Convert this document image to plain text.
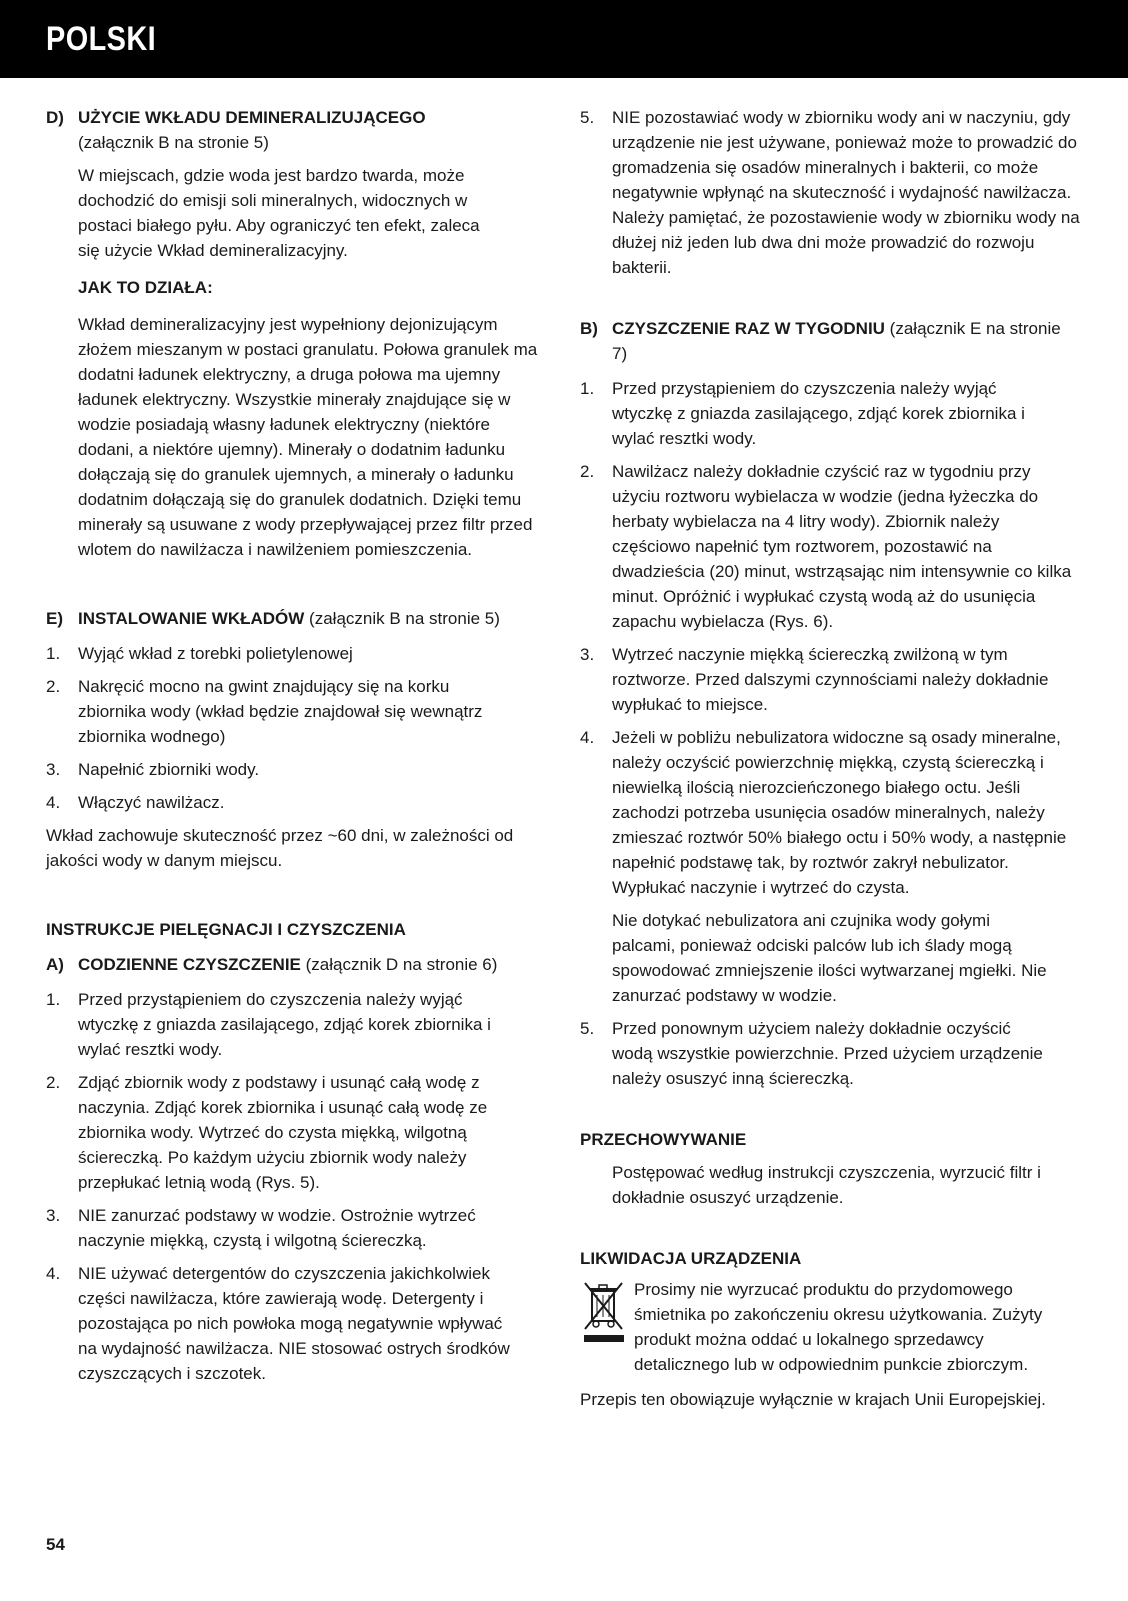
POLSKI
D) UŻYCIE WKŁADU DEMINERALIZUJĄCEGO

(załącznik B na stronie 5)

W miejscach, gdzie woda jest bardzo twarda, może dochodzić do emisji soli mineralnych, widocznych w postaci białego pyłu. Aby ograniczyć ten efekt, zaleca się użycie Wkład demineralizacyjny.

JAK TO DZIAŁA:

Wkład demineralizacyjny jest wypełniony dejonizującym złożem mieszanym w postaci granulatu. Połowa granulek ma dodatni ładunek elektryczny, a druga połowa ma ujemny ładunek elektryczny. Wszystkie minerały znajdujące się w wodzie posiadają własny ładunek elektryczny (niektóre dodani, a niektóre ujemny). Minerały o dodatnim ładunku dołączają się do granulek ujemnych, a minerały o ładunku dodatnim dołączają się do granulek dodatnich. Dzięki temu minerały są usuwane z wody przepływającej przez filtr przed wlotem do nawilżacza i nawilżeniem pomieszczenia.

E) INSTALOWANIE WKŁADÓW (załącznik B na stronie 5)
1.	Wyjąć wkład z torebki polietylenowej
2.	Nakręcić mocno na gwint znajdujący się na korku zbiornika wody (wkład będzie znajdował się wewnątrz zbiornika wodnego)
3.	Napełnić zbiorniki wody.
4.	Włączyć nawilżacz.

Wkład zachowuje skuteczność przez ~60 dni, w zależności od jakości wody w danym miejscu.

INSTRUKCJE PIELĘGNACJI I CZYSZCZENIA

A) CODZIENNE CZYSZCZENIE (załącznik D na stronie 6)
1.	Przed przystąpieniem do czyszczenia należy wyjąć wtyczkę z gniazda zasilającego, zdjąć korek zbiornika i wylać resztki wody.
2.	Zdjąć zbiornik wody z podstawy i usunąć całą wodę z naczynia. Zdjąć korek zbiornika i usunąć całą wodę ze zbiornika wody. Wytrzeć do czysta miękką, wilgotną ściereczką. Po każdym użyciu zbiornik wody należy przepłukać letnią wodą (Rys. 5).
3.	NIE zanurzać podstawy w wodzie. Ostrożnie wytrzeć naczynie miękką, czystą i wilgotną ściereczką.
4.	NIE używać detergentów do czyszczenia jakichkolwiek części nawilżacza, które zawierają wodę. Detergenty i pozostająca po nich powłoka mogą negatywnie wpływać na wydajność nawilżacza. NIE stosować ostrych środków czyszczących i szczotek.
5.	NIE pozostawiać wody w zbiorniku wody ani w naczyniu, gdy urządzenie nie jest używane, ponieważ może to prowadzić do gromadzenia się osadów mineralnych i bakterii, co może negatywnie wpłynąć na skuteczność i wydajność nawilżacza. Należy pamiętać, że pozostawienie wody w zbiorniku wody na dłużej niż jeden lub dwa dni może prowadzić do rozwoju bakterii.
B) CZYSZCZENIE RAZ W TYGODNIU (załącznik E na stronie 7)
1.	Przed przystąpieniem do czyszczenia należy wyjąć wtyczkę z gniazda zasilającego, zdjąć korek zbiornika i wylać resztki wody.
2.	Nawilżacz należy dokładnie czyścić raz w tygodniu przy użyciu roztworu wybielacza w wodzie (jedna łyżeczka do herbaty wybielacza na 4 litry wody). Zbiornik należy częściowo napełnić tym roztworem, pozostawić na dwadzieścia (20) minut, wstrząsając nim intensywnie co kilka minut. Opróżnić i wypłukać czystą wodą aż do usunięcia zapachu wybielacza (Rys. 6).
3.	Wytrzeć naczynie miękką ściereczką zwilżoną w tym roztworze. Przed dalszymi czynnościami należy dokładnie wypłukać to miejsce.
4.	Jeżeli w pobliżu nebulizatora widoczne są osady mineralne, należy oczyścić powierzchnię miękką, czystą ściereczką i niewielką ilością nierozcieńczonego białego octu. Jeśli zachodzi potrzeba usunięcia osadów mineralnych, należy zmieszać roztwór 50% białego octu i 50% wody, a następnie napełnić podstawę tak, by roztwór zakrył nebulizator. Wypłukać naczynie i wytrzeć do czysta.

Nie dotykać nebulizatora ani czujnika wody gołymi palcami, ponieważ odciski palców lub ich ślady mogą spowodować zmniejszenie ilości wytwarzanej mgiełki. Nie zanurzać podstawy w wodzie.

5.	Przed ponownym użyciem należy dokładnie oczyścić wodą wszystkie powierzchnie. Przed użyciem urządzenie należy osuszyć inną ściereczką.

PRZECHOWYWANIE

Postępować według instrukcji czyszczenia, wyrzucić filtr i dokładnie osuszyć urządzenie.

LIKWIDACJA URZĄDZENIA

Prosimy nie wyrzucać produktu do przydomowego śmietnika po zakończeniu okresu użytkowania. Zużyty produkt można oddać u lokalnego sprzedawcy detalicznego lub w odpowiednim punkcie zbiorczym.

Przepis ten obowiązuje wyłącznie w krajach Unii Europejskiej.

54
